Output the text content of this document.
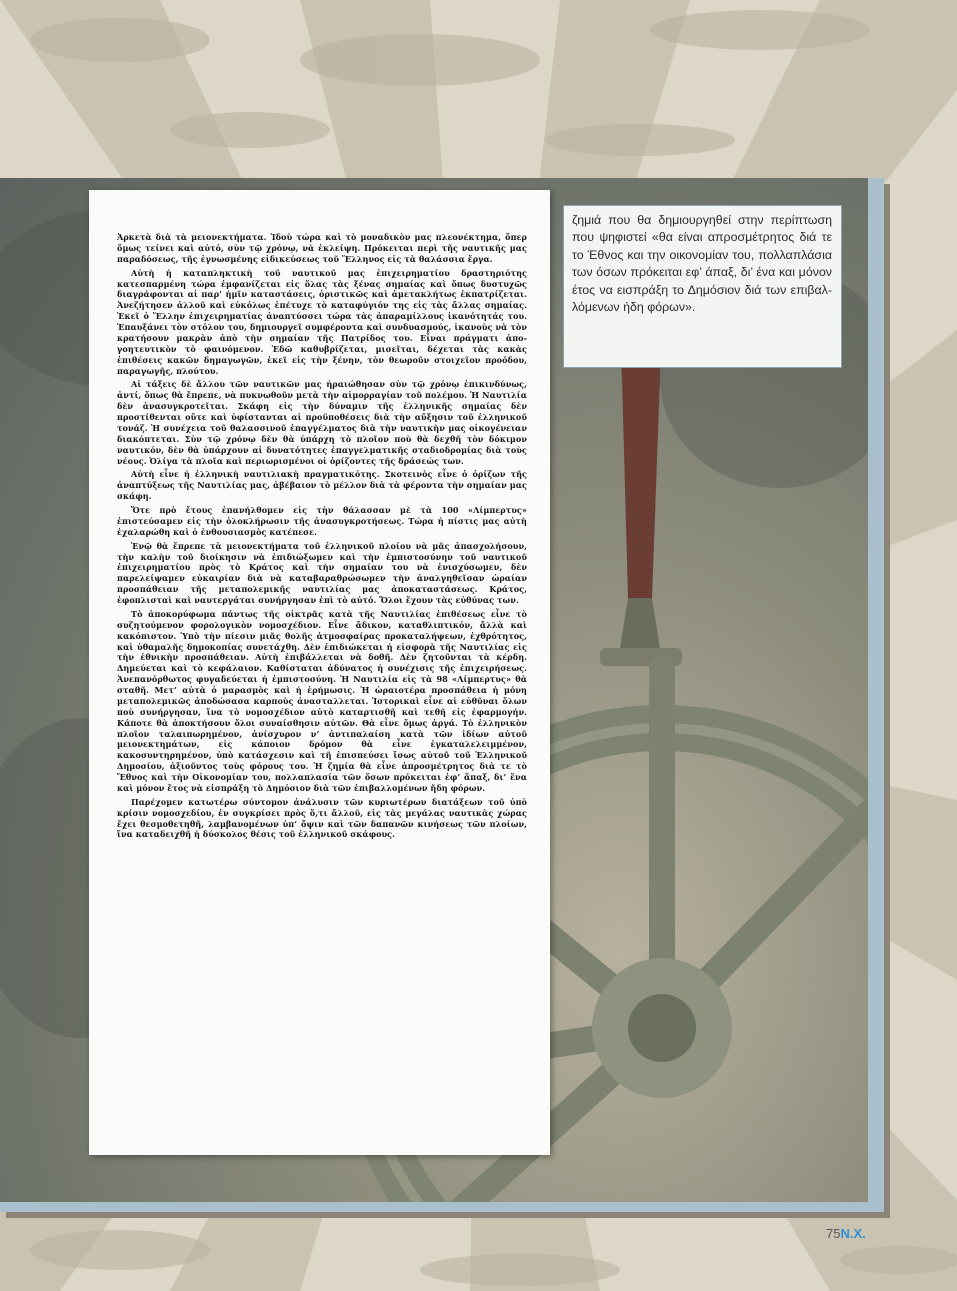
Ἀρκετὰ διὰ τὰ μειονεκτήματα. Ἰδοὺ τώρα καὶ τὸ μοναδικὸν μας πλεονέκτημα, ὅπερ ὅμως τείνει καὶ αὐτό, σὺν τῷ χρόνῳ, νὰ ἐκλείψη. Πρόκειται περὶ τῆς ναυτικῆς μας παραδόσεως, τῆς ἐγνωσμένης εἰδικεύσεως τοῦ Ἕλληνος εἰς τὰ θαλάσσια ἔργα.

Αὐτὴ ἡ καταπληκτικὴ τοῦ ναυτικοῦ μας ἐπιχειρηματίου δραστηριότης κατεσπαρμένη τώρα ἐμφανίζεται εἰς ὅλας τὰς ξένας σημαίας καὶ ὅπως δυστυχῶς διαγράφονται αἱ παρ’ ἡμῖν καταστάσεις, ὁριστικῶς καὶ ἀμετακλήτως ἐκπατρίζεται. Ἀνεζήτησεν ἀλλοῦ καὶ εὐκόλως ἐπέτυχε τὸ καταφύγιόν της εἰς τὰς ἄλλας σημαίας. Ἐκεῖ ὁ Ἕλλην ἐπιχειρηματίας ἀναπτύσσει τώρα τὰς ἀπαραμίλλους ἱκανότητάς του. Ἐπαυξάνει τὸν στόλον του, δημιουργεῖ συμφέροντα καὶ συνδυασμούς, ἱκανοὺς νὰ τὸν κρατήσουν μακρὰν ἀπὸ τὴν σημαίαν τῆς Πατρίδος του. Εἶναι πράγματι ἀπογοητευτικὸν τὸ φαινόμενον. Ἐδῶ καθυβρίζεται, μισεῖται, δέχεται τὰς κακὰς ἐπιθέσεις κακῶν δημαγωγῶν, ἐκεῖ εἰς τὴν ξένην, τὸν θεωροῦν στοιχεῖον προόδου, παραγωγῆς, πλούτου.

Αἱ τάξεις δὲ ἄλλου τῶν ναυτικῶν μας ἠραιώθησαν σὺν τῷ χρόνῳ ἐπικινδύνως, ἀντί, ὅπως θὰ ἔπρεπε, νὰ πυκνωθοῦν μετὰ τὴν αἱμορραγίαν τοῦ πολέμου. Ἡ Ναυτιλία δὲν ἀνασυγκροτεῖται. Σκάφη εἰς τὴν δύναμιν τῆς ἑλληνικῆς σημαίας δὲν προστίθενται οὔτε καὶ ὑφίστανται αἱ προϋποθέσεις διὰ τὴν αὔξησιν τοῦ ἑλληνικοῦ τονάζ. Ἡ συνέχεια τοῦ θαλασσινοῦ ἐπαγγέλματος διὰ τὴν ναυτικὴν μας οἰκογένειαν διακόπτεται. Σὺν τῷ χρόνῳ δὲν θὰ ὑπάρχη τὸ πλοῖον ποὺ θὰ δεχθῆ τὸν δόκιμον ναυτικόν, δὲν θὰ ὑπάρχουν αἱ δυνατότητες ἐπαγγελματικῆς σταδιοδρομίας διὰ τοὺς νέους. Ὀλίγα τὰ πλοῖα καὶ περιωρισμένοι οἱ ὁρίζοντες τῆς δράσεώς των.

Αὐτὴ εἶνε ἡ ἑλληνικὴ ναυτιλιακὴ πραγματικότης. Σκοτεινὸς εἶνε ὁ ὁρίζων τῆς ἀναπτύξεως τῆς Ναυτιλίας μας, ἀβέβαιον τὸ μέλλον διὰ τὰ φέροντα τὴν σημαίαν μας σκάφη.

Ὅτε πρὸ ἔτους ἐπανήλθομεν εἰς τὴν θάλασσαν μὲ τὰ 100 «Λίμπερτυς» ἐπιστεύσαμεν εἰς τὴν ὁλοκλήρωσιν τῆς ἀνασυγκροτήσεως. Τώρα ἡ πίστις μας αὐτὴ ἐχαλαρώθη καὶ ὁ ἐνθουσιασμὸς κατέπεσε.

Ἐνῷ θὰ ἔπρεπε τὰ μειονεκτήματα τοῦ ἑλληνικοῦ πλοίου νὰ μᾶς ἀπασχολήσουν, τὴν καλὴν τοῦ διοίκησιν νὰ ἐπιδιώξωμεν καὶ τὴν ἐμπιστοσύνην τοῦ ναυτικοῦ ἐπιχειρηματίου πρὸς τὸ Κράτος καὶ τὴν σημαίαν του νὰ ἐνισχύσωμεν, δὲν παρελείψαμεν εὐκαιρίαν διὰ νὰ καταβαραθρώσωμεν τὴν ἀναλγηθεῖσαν ὡραίαν προσπάθειαν τῆς μεταπολεμικῆς ναυτιλίας μας ἀποκαταστάσεως. Κράτος, ἐφοπλισταὶ καὶ ναυτεργάται συνήργησαν ἐπὶ τὸ αὐτό. Ὅλοι ἔχουν τὰς εὐθύνας των.

Τὸ ἀποκορύφωμα πάντως τῆς οἰκτρᾶς κατὰ τῆς Ναυτιλίας ἐπιθέσεως εἶνε τὸ συζητούμενον φορολογικὸν νομοσχέδιον. Εἶνε ἄδικον, καταθλιπτικόν, ἄλλὰ καὶ κακόπιστον. Ὑπὸ τὴν πίεσιν μιᾶς θολῆς ἀτμοσφαίρας προκαταλήψεων, ἐχθρότητος, καὶ ὑθαμαλῆς δημοκοπίας συνετάχθη. Δὲν ἐπιδιώκεται ἡ εἰσφορὰ τῆς Ναυτιλίας εἰς τὴν ἐθνικὴν προσπάθειαν. Αὐτὴ ἐπιβάλλεται νὰ δοθῆ. Δὲν ζητοῦνται τὰ κέρδη. Δημεύεται καὶ τὸ κεφάλαιον. Καθίσταται ἀδύνατος ἡ συνέχισις τῆς ἐπιχειρήσεως. Ἀνεπανόρθωτος φυγαδεύεται ἡ ἐμπιστοσύνη. Ἡ Ναυτιλία εἰς τὰ 98 «Λίμπερτυς» θὰ σταθῆ. Μετ’ αὐτὰ ὁ μαρασμὸς καὶ ἡ ἐρήμωσις. Ἡ ὡραιοτέρα προσπάθεια ἡ μόνη μεταπολεμικῶς ἀποδώσασα καρποὺς ἀνασταλλεται. Ἱστορικαὶ εἶνε αἱ εὐθῦναι ὅλων ποὺ συνήργησαν, ἵνα τὸ νομοσχέδιον αὐτὸ καταρτισθῆ καὶ τεθῆ εἰς ἐφαρμογήν. Κάποτε θὰ ἀποκτήσουν ὅλοι συναίσθησιν αὐτῶν. Θὰ εἶνε ὅμως ἀργά. Τὸ ἑλληνικὸν πλοῖον ταλαιπωρημένον, ἀνίσχυρον ν’ ἀντιπαλαίση κατὰ τῶν ἰδίων αὐτοῦ μειονεκτημάτων, εἰς κάποιον δρόμον θὰ εἶνε ἐγκαταλελειμμένον, κακοσυντηρημένον, ὑπὸ κατάσχεσιν καὶ τῆ ἐπισπεύσει ἴσως αὐτοῦ τοῦ Ἑλληνικοῦ Δημοσίου, ἀξιοῦντος τοὺς φόρους του. Ἡ ζημία θὰ εἶνε ἀπροσμέτρητος διὰ τε τὸ Ἔθνος καὶ τὴν Οἰκονομίαν του, πολλαπλασία τῶν ὅσων πρόκειται ἐφ’ ἅπαξ, δι’ ἕνα καὶ μόνον ἔτος νὰ εἰσπράξη τὸ Δημόσιον διὰ τῶν ἐπιβαλλομένων ἤδη φόρων.

Παρέχομεν κατωτέρω σύντομον ἀνάλυσιν τῶν κυριωτέρων διατάξεων τοῦ ὑπὸ κρίσιν νομοσχεδίου, ἐν συγκρίσει πρὸς ὅ,τι ἄλλοῦ, εἰς τὰς μεγάλας ναυτικὰς χώρας ἔχει θεσμοθετηθῆ, λαμβανομένων ὑπ’ ὄψιν καὶ τῶν δαπανῶν κινήσεως τῶν πλοίων, ἵνα καταδειχθῆ ἡ δύσκολος θέσις τοῦ ἑλληνικοῦ σκάφους.

ζημιά που θα δημιουργηθεί στην περίπτωση που ψηφιστεί «θα είναι απροσμέτρητος διά τε το Έθνος και την οικονομίαν του, πολλαπλάσια των όσων πρόκειται εφ’ άπαξ, δι’ ένα και μόνον έτος να εισπράξη το Δημόσιον διά των επιβαλλόμενων ήδη φόρων».
75N.X.
